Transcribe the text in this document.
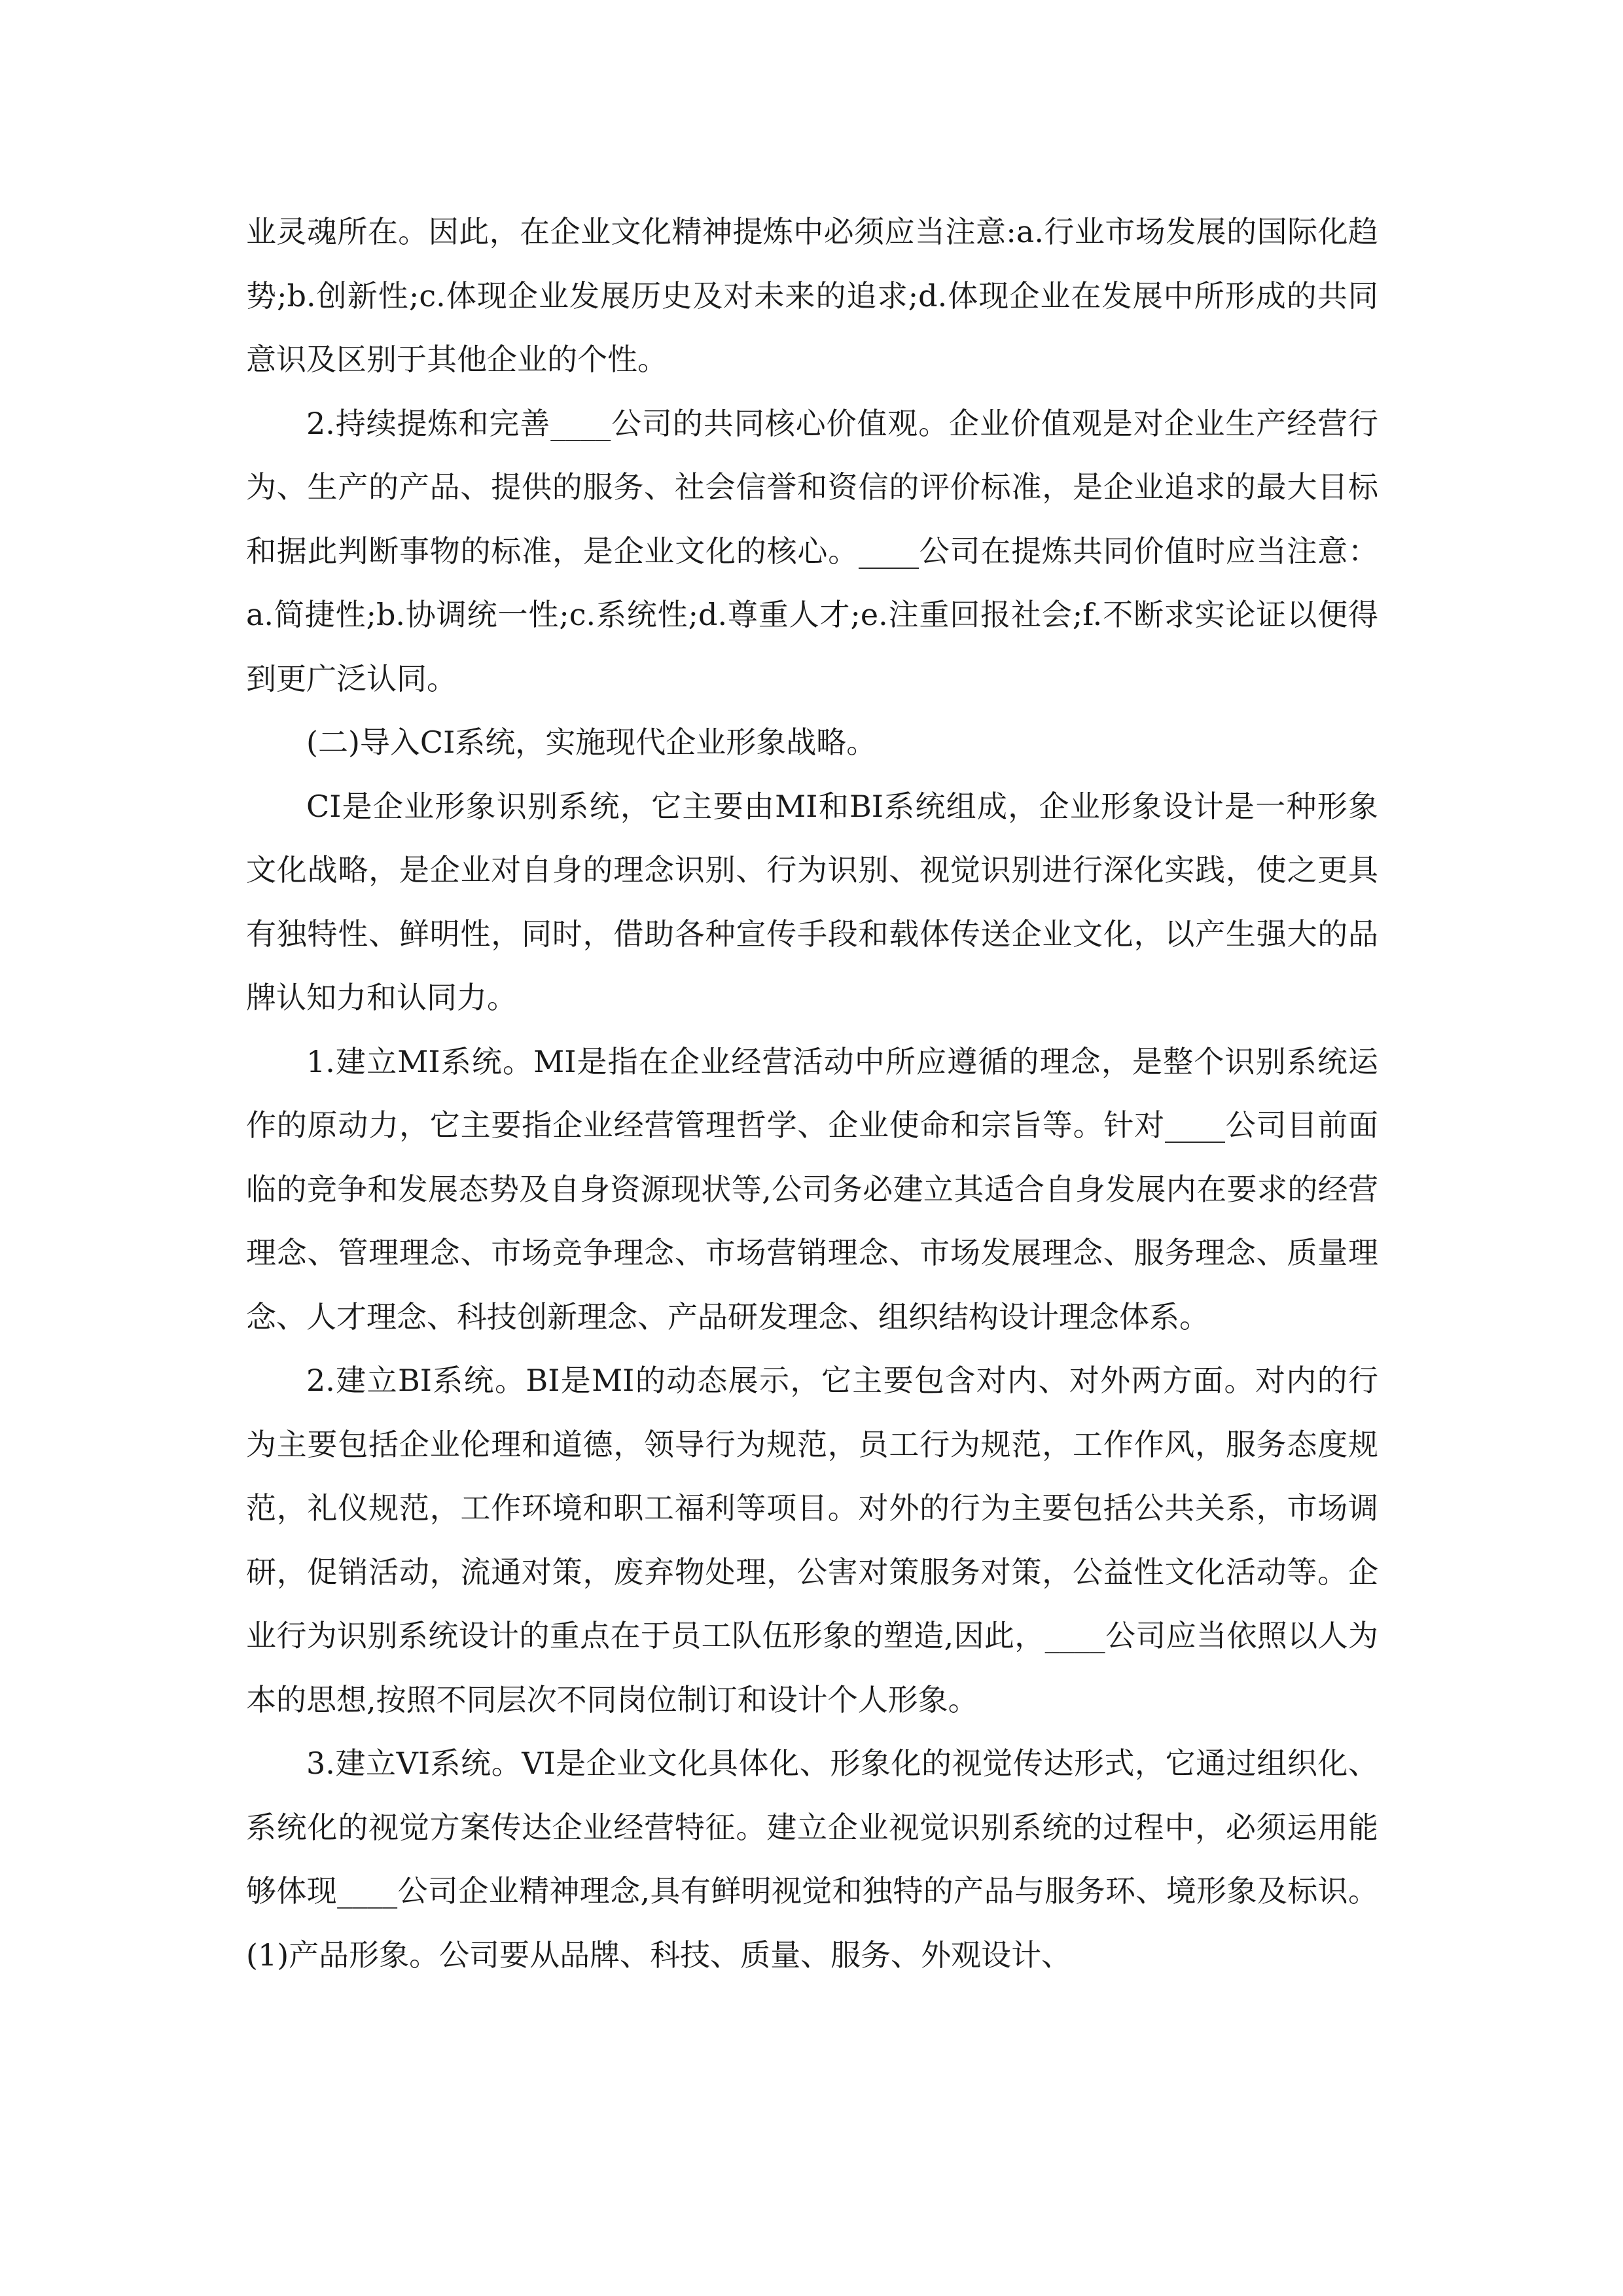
业灵魂所在。因此，在企业文化精神提炼中必须应当注意:a.行业市场发展的国际化趋势;b.创新性;c.体现企业发展历史及对未来的追求;d.体现企业在发展中所形成的共同意识及区别于其他企业的个性。

2.持续提炼和完善____公司的共同核心价值观。企业价值观是对企业生产经营行为、生产的产品、提供的服务、社会信誉和资信的评价标准，是企业追求的最大目标和据此判断事物的标准，是企业文化的核心。____公司在提炼共同价值时应当注意：a.简捷性;b.协调统一性;c.系统性;d.尊重人才;e.注重回报社会;f.不断求实论证以便得到更广泛认同。

(二)导入CI系统，实施现代企业形象战略。

CI是企业形象识别系统，它主要由MI和BI系统组成，企业形象设计是一种形象文化战略，是企业对自身的理念识别、行为识别、视觉识别进行深化实践，使之更具有独特性、鲜明性，同时，借助各种宣传手段和载体传送企业文化，以产生强大的品牌认知力和认同力。

1.建立MI系统。MI是指在企业经营活动中所应遵循的理念，是整个识别系统运作的原动力，它主要指企业经营管理哲学、企业使命和宗旨等。针对____公司目前面临的竞争和发展态势及自身资源现状等,公司务必建立其适合自身发展内在要求的经营理念、管理理念、市场竞争理念、市场营销理念、市场发展理念、服务理念、质量理念、人才理念、科技创新理念、产品研发理念、组织结构设计理念体系。

2.建立BI系统。BI是MI的动态展示，它主要包含对内、对外两方面。对内的行为主要包括企业伦理和道德，领导行为规范，员工行为规范，工作作风，服务态度规范，礼仪规范，工作环境和职工福利等项目。对外的行为主要包括公共关系，市场调研，促销活动，流通对策，废弃物处理，公害对策服务对策，公益性文化活动等。企业行为识别系统设计的重点在于员工队伍形象的塑造,因此，____公司应当依照以人为本的思想,按照不同层次不同岗位制订和设计个人形象。

3.建立VI系统。VI是企业文化具体化、形象化的视觉传达形式，它通过组织化、系统化的视觉方案传达企业经营特征。建立企业视觉识别系统的过程中，必须运用能够体现____公司企业精神理念,具有鲜明视觉和独特的产品与服务环、境形象及标识。(1)产品形象。公司要从品牌、科技、质量、服务、外观设计、
